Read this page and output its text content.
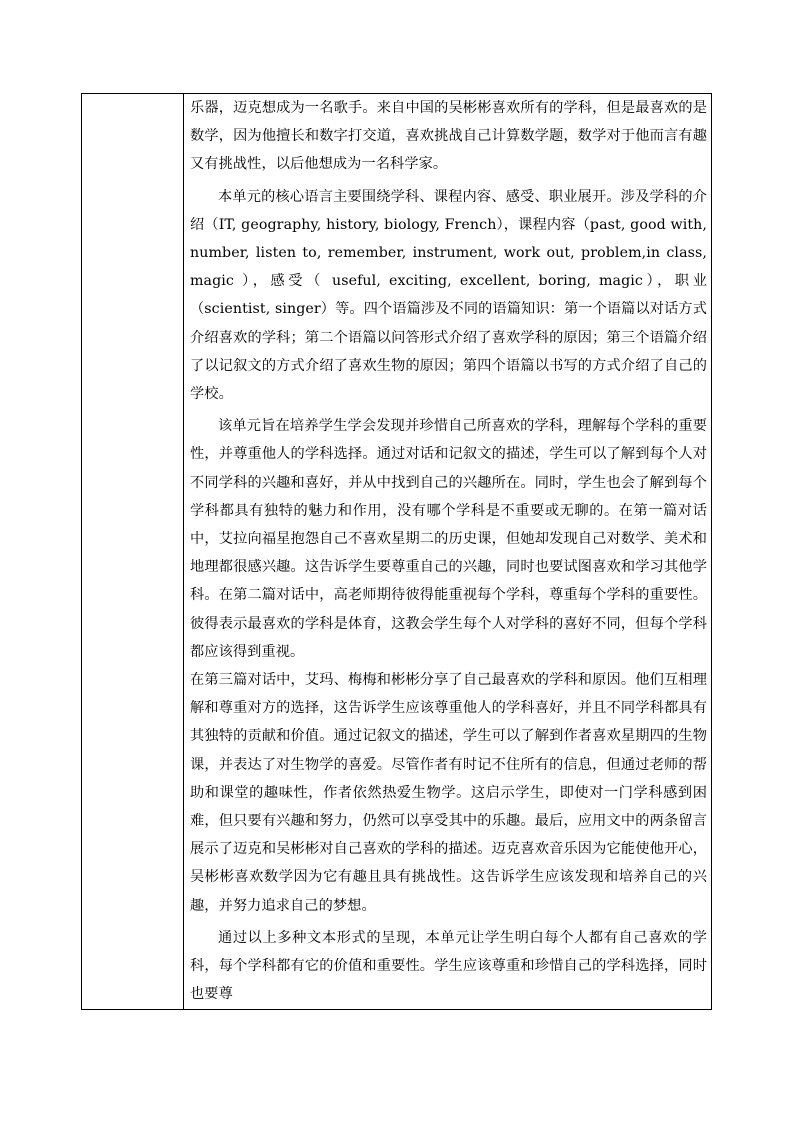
乐器，迈克想成为一名歌手。来自中国的吴彬彬喜欢所有的学科，但是最喜欢的是数学，因为他擅长和数字打交道，喜欢挑战自己计算数学题，数学对于他而言有趣又有挑战性，以后他想成为一名科学家。

本单元的核心语言主要围绕学科、课程内容、感受、职业展开。涉及学科的介绍（IT, geography, history, biology, French），课程内容（past, good with, number, listen to, remember, instrument, work out, problem,in class, magic ），感受（ useful, exciting, excellent, boring, magic），职业（scientist, singer）等。四个语篇涉及不同的语篇知识：第一个语篇以对话方式介绍喜欢的学科；第二个语篇以问答形式介绍了喜欢学科的原因；第三个语篇介绍了以记叙文的方式介绍了喜欢生物的原因；第四个语篇以书写的方式介绍了自己的学校。

该单元旨在培养学生学会发现并珍惜自己所喜欢的学科，理解每个学科的重要性，并尊重他人的学科选择。通过对话和记叙文的描述，学生可以了解到每个人对不同学科的兴趣和喜好，并从中找到自己的兴趣所在。同时，学生也会了解到每个学科都具有独特的魅力和作用，没有哪个学科是不重要或无聊的。在第一篇对话中，艾拉向福星抱怨自己不喜欢星期二的历史课，但她却发现自己对数学、美术和地理都很感兴趣。这告诉学生要尊重自己的兴趣，同时也要试图喜欢和学习其他学科。在第二篇对话中，高老师期待彼得能重视每个学科，尊重每个学科的重要性。彼得表示最喜欢的学科是体育，这教会学生每个人对学科的喜好不同，但每个学科都应该得到重视。

在第三篇对话中，艾玛、梅梅和彬彬分享了自己最喜欢的学科和原因。他们互相理解和尊重对方的选择，这告诉学生应该尊重他人的学科喜好，并且不同学科都具有其独特的贡献和价值。通过记叙文的描述，学生可以了解到作者喜欢星期四的生物课，并表达了对生物学的喜爱。尽管作者有时记不住所有的信息，但通过老师的帮助和课堂的趣味性，作者依然热爱生物学。这启示学生，即使对一门学科感到困难，但只要有兴趣和努力，仍然可以享受其中的乐趣。最后，应用文中的两条留言展示了迈克和吴彬彬对自己喜欢的学科的描述。迈克喜欢音乐因为它能使他开心，吴彬彬喜欢数学因为它有趣且具有挑战性。这告诉学生应该发现和培养自己的兴趣，并努力追求自己的梦想。

通过以上多种文本形式的呈现，本单元让学生明白每个人都有自己喜欢的学科，每个学科都有它的价值和重要性。学生应该尊重和珍惜自己的学科选择，同时也要尊
